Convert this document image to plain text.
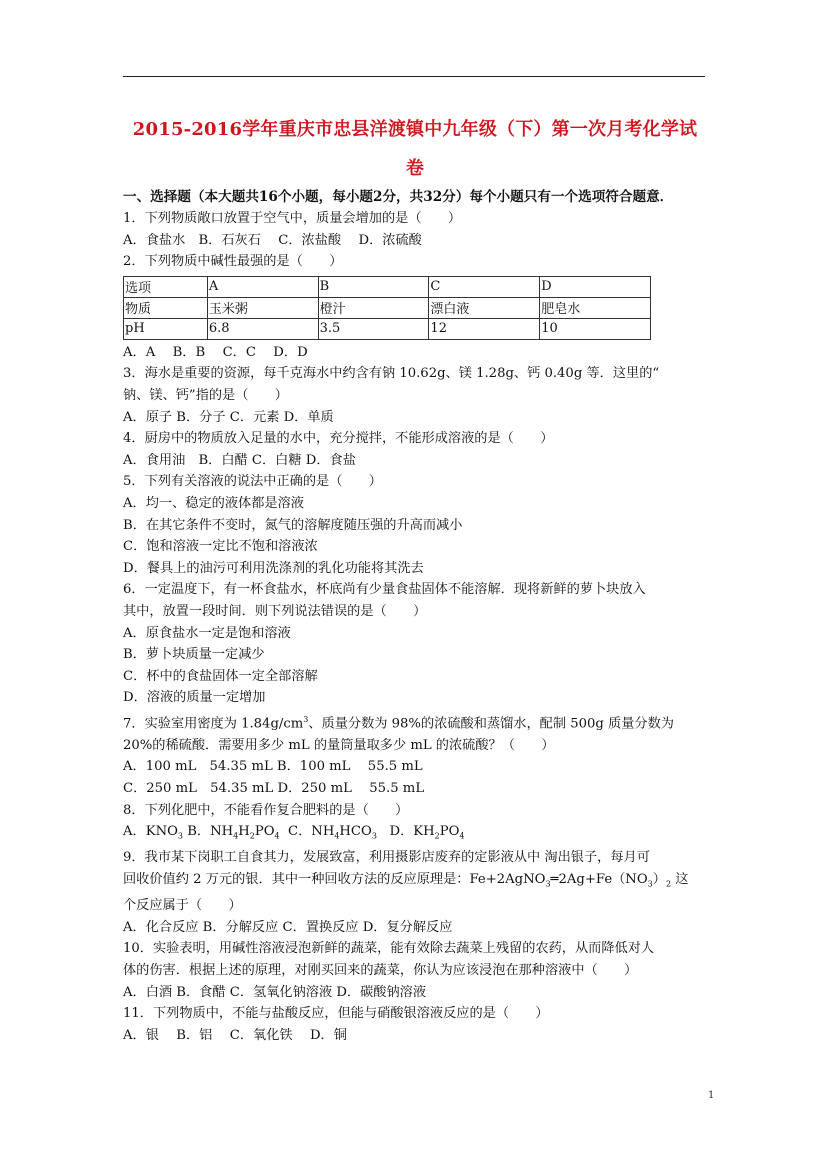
2015-2016学年重庆市忠县洋渡镇中九年级（下）第一次月考化学试
卷
一、选择题（本大题共16个小题，每小题2分，共32分）每个小题只有一个选项符合题意．
1．下列物质敞口放置于空气中，质量会增加的是（　　）
A．食盐水　B．石灰石　 C．浓盐酸　 D．浓硫酸
2．下列物质中碱性最强的是（　　）
选项	A	B	C	D
物质	玉米粥	橙汁	漂白液	肥皂水
pH	6.8	3.5	12	10
A．A　 B．B　 C．C　 D．D
3．海水是重要的资源，每千克海水中约含有钠 10.62g、镁 1.28g、钙 0.40g 等．这里的“
钠、镁、钙”指的是（　　）
A．原子 B．分子 C．元素 D．单质
4．厨房中的物质放入足量的水中，充分搅拌，不能形成溶液的是（　　）
A．食用油　B．白醋 C．白糖 D．食盐
5．下列有关溶液的说法中正确的是（　　）
A．均一、稳定的液体都是溶液
B．在其它条件不变时，氮气的溶解度随压强的升高而减小
C．饱和溶液一定比不饱和溶液浓
D．餐具上的油污可利用洗涤剂的乳化功能将其洗去
6．一定温度下，有一杯食盐水，杯底尚有少量食盐固体不能溶解．现将新鲜的萝卜块放入
其中，放置一段时间．则下列说法错误的是（　　）
A．原食盐水一定是饱和溶液
B．萝卜块质量一定减少
C．杯中的食盐固体一定全部溶解
D．溶液的质量一定增加
7．实验室用密度为 $1.84g/cm^3$、质量分数为 98%的浓硫酸和蒸馏水，配制 500g 质量分数为
20%的稀硫酸．需要用多少 mL 的量筒量取多少 mL 的浓硫酸？（　　）
A．100 mL　54.35 mL B．100 mL　 55.5 mL
C．250 mL　54.35 mL D．250 mL　 55.5 mL
8．下列化肥中，不能看作复合肥料的是（　　）
A．$KNO_3$ B．$NH_4H_2PO_4$  C．$NH_4HCO_3$   D．$KH_2PO_4$
9．我市某下岗职工自食其力，发展致富，利用摄影店废弃的定影液从中 淘出银子，每月可
回收价值约 2 万元的银．其中一种回收方法的反应原理是：$Fe+2AgNO_3═2Ag+Fe(NO_3)_2$ 这
个反应属于（　　）
A．化合反应 B．分解反应 C．置换反应 D．复分解反应
10．实验表明，用碱性溶液浸泡新鲜的蔬菜，能有效除去蔬菜上残留的农药，从而降低对人
体的伤害．根据上述的原理，对刚买回来的蔬菜，你认为应该浸泡在那种溶液中（　　）
A．白酒 B．食醋 C．氢氧化钠溶液 D．碳酸钠溶液
11．下列物质中，不能与盐酸反应，但能与硝酸银溶液反应的是（　　）
A．银　 B．铝　 C．氧化铁　 D．铜
1
